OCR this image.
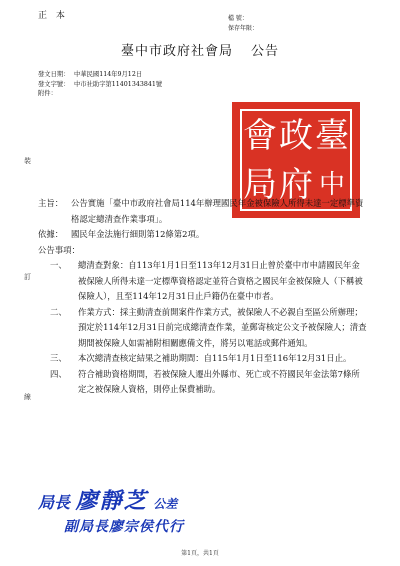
正 本	檔 號：
保存年限：
臺中市政府社會局 公告
發文日期： 中華民國114年9月12日
發文字號： 中市社助字第11401343841號
附件：
裝
訂
線
會 政 臺
局 府 中
主旨： 公告實施「臺中市政府社會局114年辦理國民年金被保險人所得未達一定標準資格認定總清查作業事項」。
依據： 國民年金法施行細則第12條第2項。
公告事項：
一、 總清查對象：自113年1月1日至113年12月31日止曾於臺中市申請國民年金被保險人所得未達一定標準資格認定並符合資格之國民年金被保險人（下稱被保險人），且至114年12月31日止戶籍仍在臺中市者。
二、 作業方式：採主動清查前開案件作業方式，被保險人不必親自至區公所辦理；預定於114年12月31日前完成總清查作業，並郵寄核定公文予被保險人；清查期間被保險人如需補附相關應備文件，將另以電話或郵件通知。
三、 本次總清查核定結果之補助期間：自115年1月1日至116年12月31日止。
四、 符合補助資格期間，若被保險人遷出外縣市、死亡或不符國民年金法第7條所定之被保險人資格，則停止保費補助。
局長 廖靜芝 公差
副局長廖宗侯代行
第1頁，共1頁
